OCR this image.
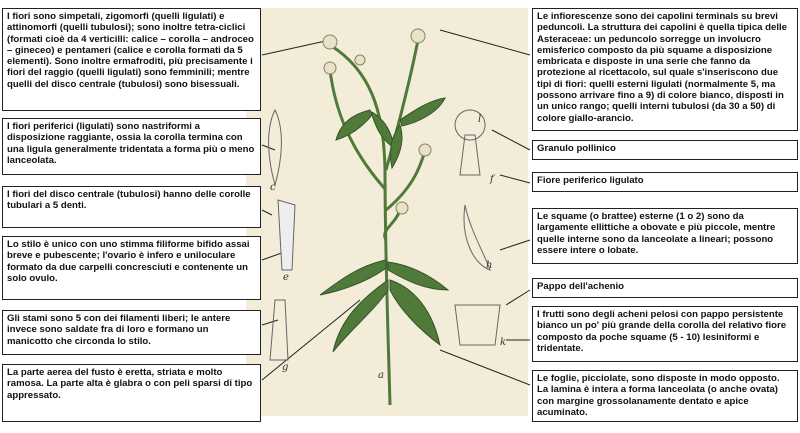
c
e
g
l
f
h
k
a
I fiori sono simpetali, zigomorfi (quelli ligulati) e attinomorfi (quelli tubulosi); sono inoltre tetra-ciclici (formati cioè da 4 verticilli: calice – corolla – androceo – gineceo) e pentameri (calice e corolla formati da 5 elementi). Sono inoltre ermafroditi, più precisamente i fiori del raggio (quelli ligulati) sono femminili; mentre quelli del disco centrale (tubulosi) sono bisessuali.
I fiori periferici (ligulati) sono nastriformi a disposizione raggiante, ossia la corolla termina con una ligula generalmente tridentata a forma più o meno lanceolata.
I fiori del disco centrale (tubulosi) hanno delle corolle tubulari a 5 denti.
Lo stilo è unico con uno stimma filiforme bifido assai breve e pubescente; l'ovario è infero e uniloculare formato da due carpelli concresciuti e contenente un solo ovulo.
Gli stami sono 5 con dei filamenti liberi; le antere invece sono saldate fra di loro e formano un manicotto che circonda lo stilo.
La parte aerea del fusto è eretta, striata e molto ramosa. La parte alta è glabra o con peli sparsi di tipo appressato.
Le infiorescenze sono dei capolini terminals su brevi peduncoli. La struttura dei capolini è quella tipica delle Asteraceae: un peduncolo sorregge un involucro emisferico composto da più squame a disposizione embricata e disposte in una serie che fanno da protezione al ricettacolo, sul quale s'inseriscono due tipi di fiori: quelli esterni ligulati (normalmente 5, ma possono arrivare fino a 9) di colore bianco, disposti in un unico rango; quelli interni tubulosi (da 30 a 50) di colore giallo-arancio.
Granulo pollinico
Fiore periferico ligulato
Le squame (o brattee) esterne (1 o 2) sono da largamente ellittiche a obovate e più piccole, mentre quelle interne sono da lanceolate a lineari; possono essere intere o lobate.
Pappo dell'achenio
I frutti sono degli acheni pelosi con pappo persistente bianco un po' più grande della corolla del relativo fiore composto da poche squame (5 - 10) lesiniformi e tridentate.
Le foglie, picciolate, sono disposte in modo opposto. La lamina è intera a forma lanceolata (o anche ovata) con margine grossolanamente dentato e apice acuminato.
